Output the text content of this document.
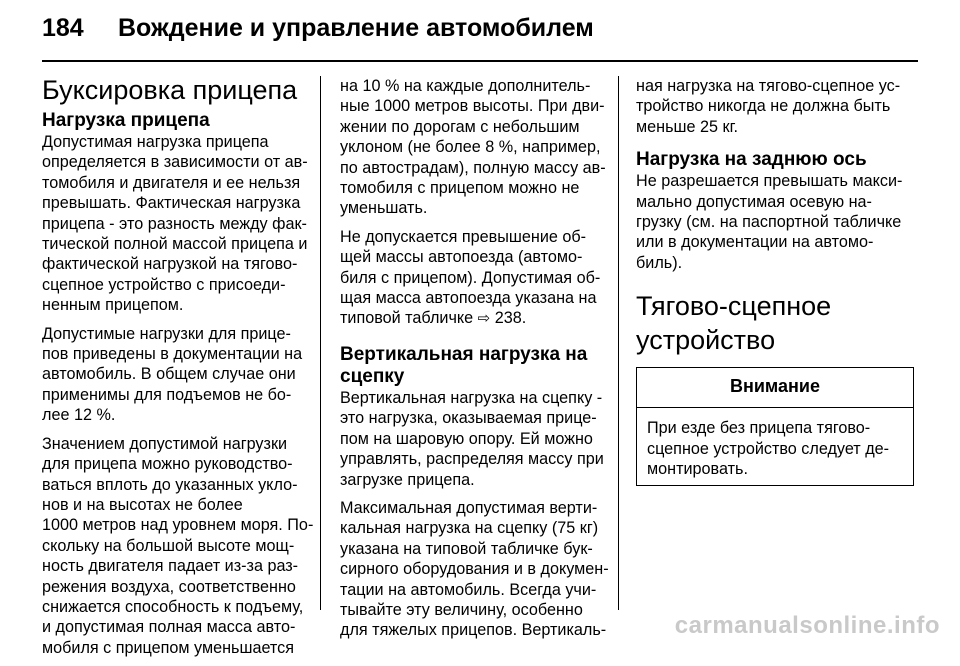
184 Вождение и управление автомобилем
Буксировка прицепа
Нагрузка прицепа

Допустимая нагрузка прицепа
определяется в зависимости от ав-
томобиля и двигателя и ее нельзя
превышать. Фактическая нагрузка
прицепа - это разность между фак-
тической полной массой прицепа и
фактической нагрузкой на тягово-
сцепное устройство с присоеди-
ненным прицепом.

Допустимые нагрузки для прице-
пов приведены в документации на
автомобиль. В общем случае они
применимы для подъемов не бо-
лее 12 %.

Значением допустимой нагрузки
для прицепа можно руководство-
ваться вплоть до указанных укло-
нов и на высотах не более
1000 метров над уровнем моря. По-
скольку на большой высоте мощ-
ность двигателя падает из-за раз-
режения воздуха, соответственно
снижается способность к подъему,
и допустимая полная масса авто-
мобиля с прицепом уменьшается

на 10 % на каждые дополнитель-
ные 1000 метров высоты. При дви-
жении по дорогам с небольшим
уклоном (не более 8 %, например,
по автострадам), полную массу ав-
томобиля с прицепом можно не
уменьшать.

Не допускается превышение об-
щей массы автопоезда (автомо-
биля с прицепом). Допустимая об-
щая масса автопоезда указана на
типовой табличке ⇨ 238.

Вертикальная нагрузка на
сцепку

Вертикальная нагрузка на сцепку -
это нагрузка, оказываемая прице-
пом на шаровую опору. Ей можно
управлять, распределяя массу при
загрузке прицепа.

Максимальная допустимая верти-
кальная нагрузка на сцепку (75 кг)
указана на типовой табличке бук-
сирного оборудования и в докумен-
тации на автомобиль. Всегда учи-
тывайте эту величину, особенно
для тяжелых прицепов. Вертикаль-

ная нагрузка на тягово-сцепное ус-
тройство никогда не должна быть
меньше 25 кг.

Нагрузка на заднюю ось

Не разрешается превышать макси-
мально допустимая осевую на-
грузку (см. на паспортной табличке
или в документации на автомо-
биль).

Тягово-сцепное
устройство
Внимание

При езде без прицепа тягово-
сцепное устройство следует де-
монтировать.

carmanualsonline.info
